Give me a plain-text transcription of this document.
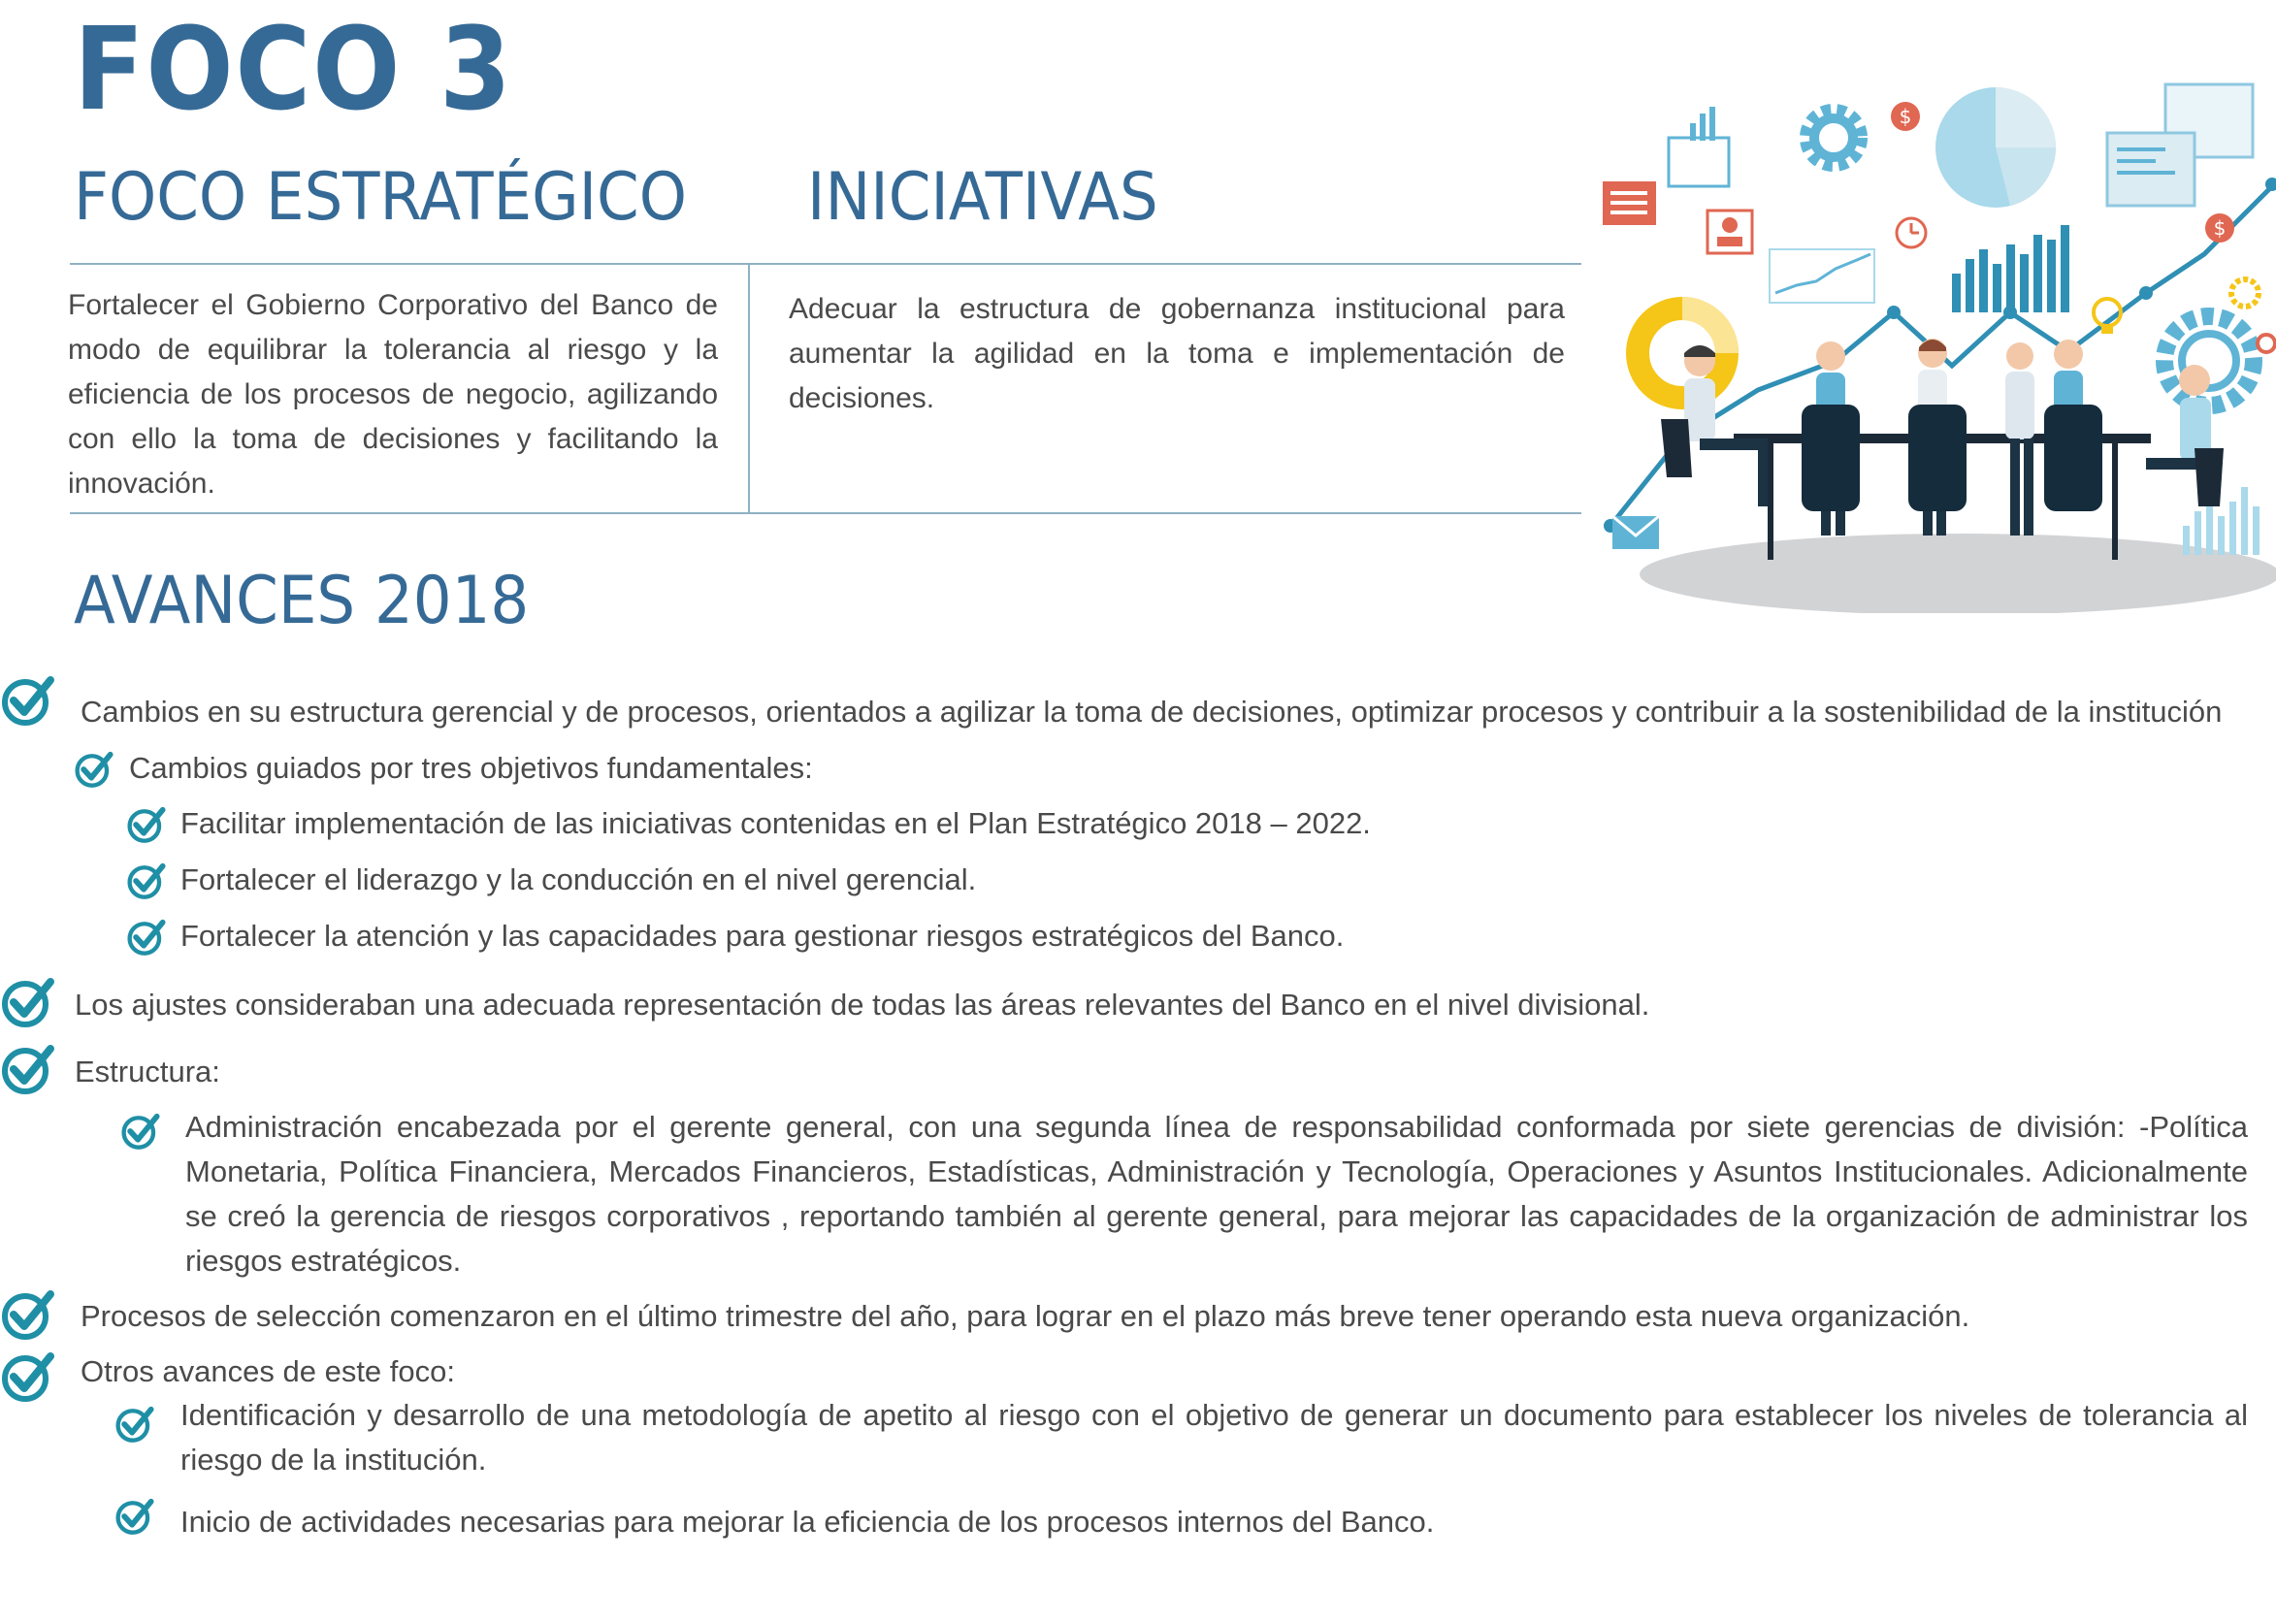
FOCO 3
FOCO ESTRATÉGICO INICIATIVAS
Fortalecer el Gobierno Corporativo del Banco de modo de equilibrar la tolerancia al riesgo y la eficiencia de los procesos de negocio, agilizando con ello la toma de decisiones y facilitando la innovación.
Adecuar la estructura de gobernanza institucional para aumentar la agilidad en la toma e implementación de decisiones.
$
$
AVANCES 2018
Cambios en su estructura gerencial y de procesos, orientados a agilizar la toma de decisiones, optimizar procesos y contribuir a la sostenibilidad de la institución
Cambios guiados por tres objetivos fundamentales:
Facilitar implementación de las iniciativas contenidas en el Plan Estratégico 2018 – 2022.
Fortalecer el liderazgo y la conducción en el nivel gerencial.
Fortalecer la atención y las capacidades para gestionar riesgos estratégicos del Banco.
Los ajustes consideraban una adecuada representación de todas las áreas relevantes del Banco en el nivel divisional.
Estructura:
Administración encabezada por el gerente general, con una segunda línea de responsabilidad conformada por siete gerencias de división: -Política Monetaria, Política Financiera, Mercados Financieros, Estadísticas, Administración y Tecnología, Operaciones y Asuntos Institucionales. Adicionalmente se creó la gerencia de riesgos corporativos , reportando también al gerente general, para mejorar las capacidades de la organización de administrar los riesgos estratégicos.
Procesos de selección comenzaron en el último trimestre del año, para lograr en el plazo más breve tener operando esta nueva organización.
Otros avances de este foco:
Identificación y desarrollo de una metodología de apetito al riesgo con el objetivo de generar un documento para establecer los niveles de tolerancia al riesgo de la institución.
Inicio de actividades necesarias para mejorar la eficiencia de los procesos internos del Banco.
